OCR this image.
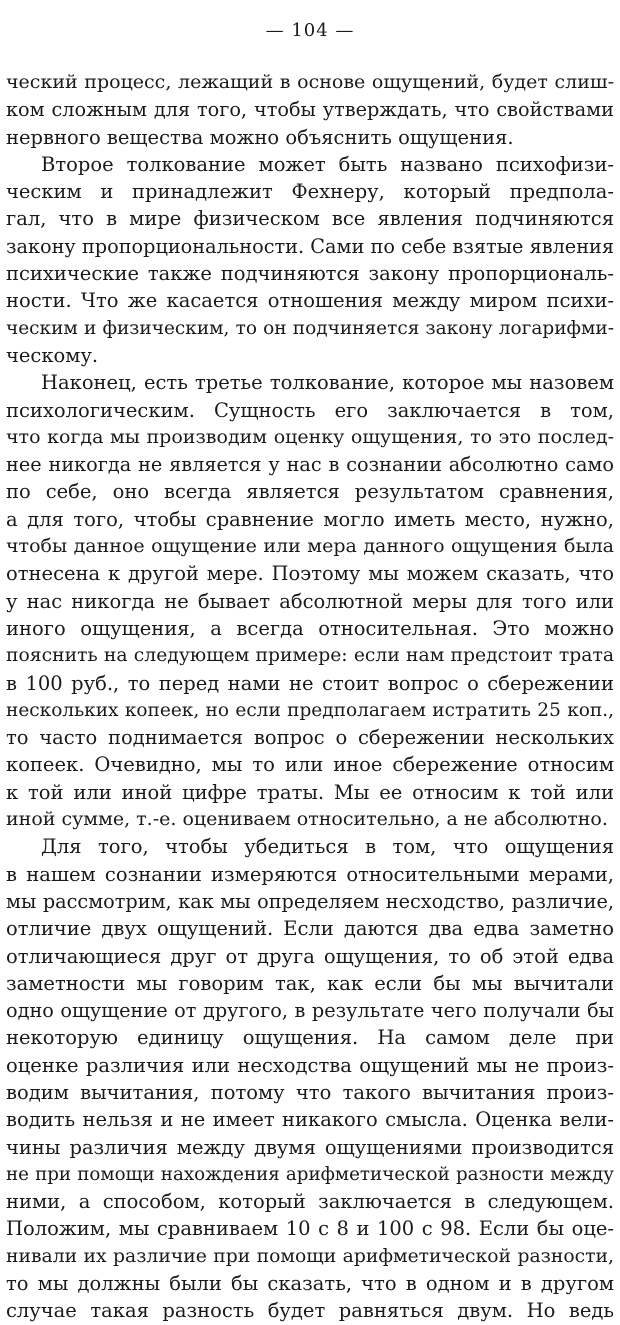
— 104 —
ческий процесс, лежащий в основе ощущений, будет слиш-
ком сложным для того, чтобы утверждать, что свойствами
нервного вещества можно объяснить ощущения.
Второе толкование может быть названо психофизи-
ческим и принадлежит Фехнеру, который предпола-
гал, что в мире физическом все явления подчиняются
закону пропорциональности. Сами по себе взятые явления
психические также подчиняются закону пропорциональ-
ности. Что же касается отношения между миром психи-
ческим и физическим, то он подчиняется закону логарифми-
ческому.
Наконец, есть третье толкование, которое мы назовем
психологическим. Сущность его заключается в том,
что когда мы производим оценку ощущения, то это послед-
нее никогда не является у нас в сознании абсолютно само
по себе, оно всегда является результатом сравнения,
а для того, чтобы сравнение могло иметь место, нужно,
чтобы данное ощущение или мера данного ощущения была
отнесена к другой мере. Поэтому мы можем сказать, что
у нас никогда не бывает абсолютной меры для того или
иного ощущения, а всегда относительная. Это можно
пояснить на следующем примере: если нам предстоит трата
в 100 руб., то перед нами не стоит вопрос о сбережении
нескольких копеек, но если предполагаем истратить 25 коп.,
то часто поднимается вопрос о сбережении нескольких
копеек. Очевидно, мы то или иное сбережение относим
к той или иной цифре траты. Мы ее относим к той или
иной сумме, т.-е. оцениваем относительно, а не абсолютно.
Для того, чтобы убедиться в том, что ощущения
в нашем сознании измеряются относительными мерами,
мы рассмотрим, как мы определяем несходство, различие,
отличие двух ощущений. Если даются два едва заметно
отличающиеся друг от друга ощущения, то об этой едва
заметности мы говорим так, как если бы мы вычитали
одно ощущение от другого, в результате чего получали бы
некоторую единицу ощущения. На самом деле при
оценке различия или несходства ощущений мы не произ-
водим вычитания, потому что такого вычитания произ-
водить нельзя и не имеет никакого смысла. Оценка вели-
чины различия между двумя ощущениями производится
не при помощи нахождения арифметической разности между
ними, а способом, который заключается в следующем.
Положим, мы сравниваем 10 с 8 и 100 с 98. Если бы оце-
нивали их различие при помощи арифметической разности,
то мы должны были бы сказать, что в одном и в другом
случае такая разность будет равняться двум. Но ведь
